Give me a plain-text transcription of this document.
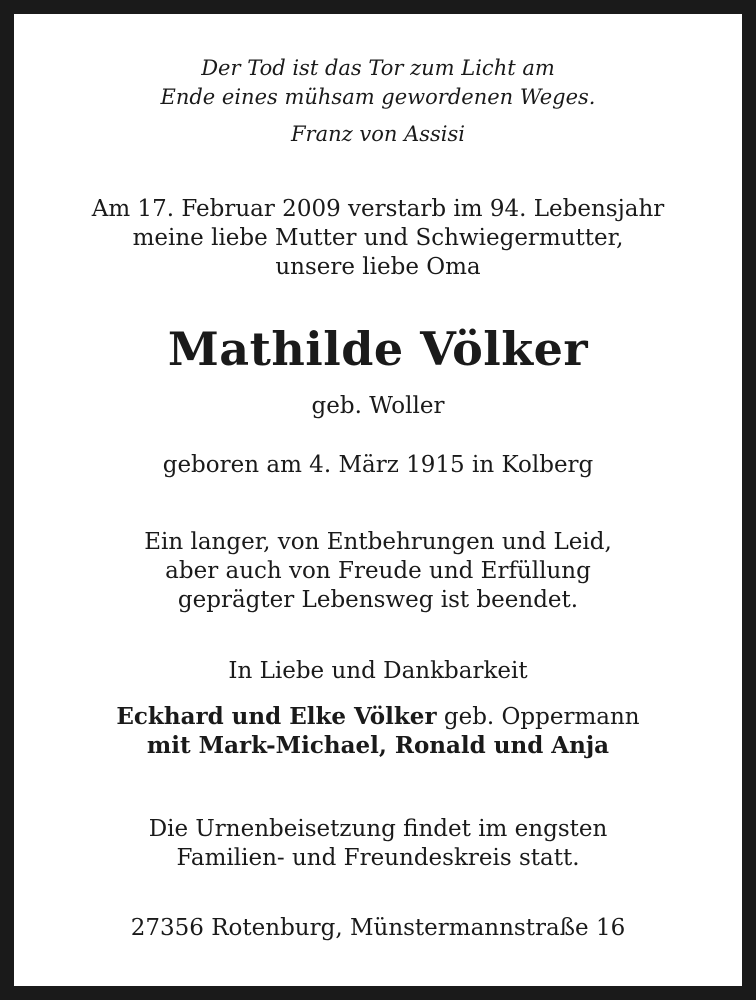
Der Tod ist das Tor zum Licht am
Ende eines mühsam gewordenen Weges.
Franz von Assisi
Am 17. Februar 2009 verstarb im 94. Lebensjahr
meine liebe Mutter und Schwiegermutter,
unsere liebe Oma
Mathilde Völker
geb. Woller
geboren am 4. März 1915 in Kolberg
Ein langer, von Entbehrungen und Leid,
aber auch von Freude und Erfüllung
geprägter Lebensweg ist beendet.
In Liebe und Dankbarkeit
Eckhard und Elke Völker geb. Oppermann
mit Mark-Michael, Ronald und Anja
Die Urnenbeisetzung findet im engsten
Familien- und Freundeskreis statt.
27356 Rotenburg, Münstermannstraße 16
